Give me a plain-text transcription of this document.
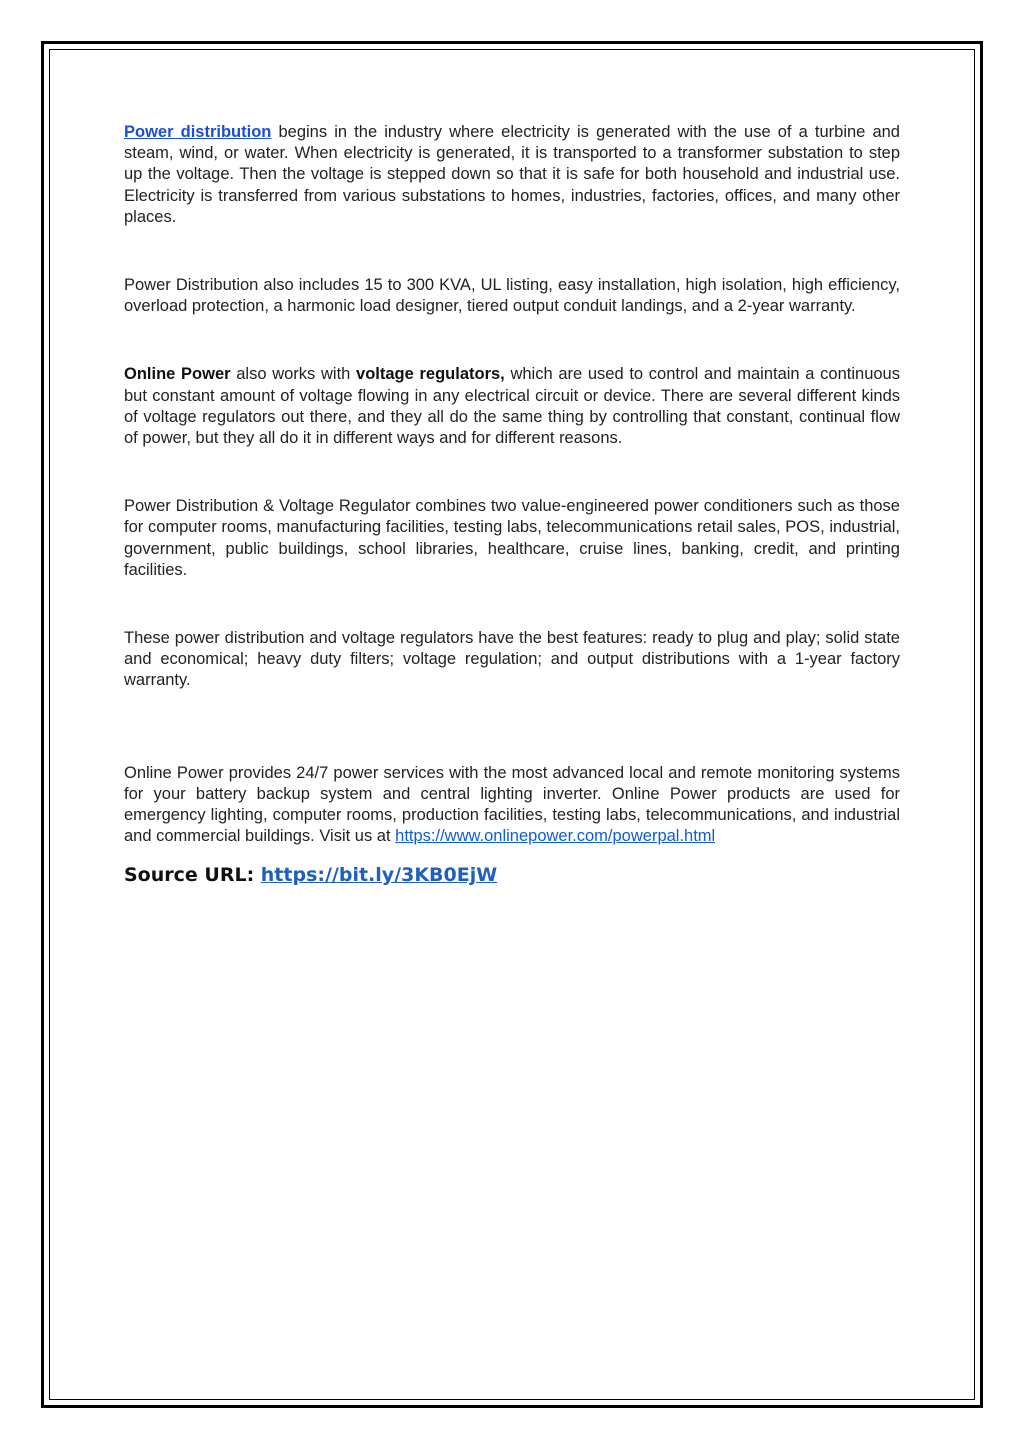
Power distribution begins in the industry where electricity is generated with the use of a turbine and steam, wind, or water. When electricity is generated, it is transported to a transformer substation to step up the voltage. Then the voltage is stepped down so that it is safe for both household and industrial use. Electricity is transferred from various substations to homes, industries, factories, offices, and many other places.

Power Distribution also includes 15 to 300 KVA, UL listing, easy installation, high isolation, high efficiency, overload protection, a harmonic load designer, tiered output conduit landings, and a 2-year warranty.

Online Power also works with voltage regulators, which are used to control and maintain a continuous but constant amount of voltage flowing in any electrical circuit or device. There are several different kinds of voltage regulators out there, and they all do the same thing by controlling that constant, continual flow of power, but they all do it in different ways and for different reasons.

Power Distribution & Voltage Regulator combines two value-engineered power conditioners such as those for computer rooms, manufacturing facilities, testing labs, telecommunications retail sales, POS, industrial, government, public buildings, school libraries, healthcare, cruise lines, banking, credit, and printing facilities.

These power distribution and voltage regulators have the best features: ready to plug and play; solid state and economical; heavy duty filters; voltage regulation; and output distributions with a 1-year factory warranty.

Online Power provides 24/7 power services with the most advanced local and remote monitoring systems for your battery backup system and central lighting inverter. Online Power products are used for emergency lighting, computer rooms, production facilities, testing labs, telecommunications, and industrial and commercial buildings. Visit us at https://www.onlinepower.com/powerpal.html

Source URL: https://bit.ly/3KB0EjW
